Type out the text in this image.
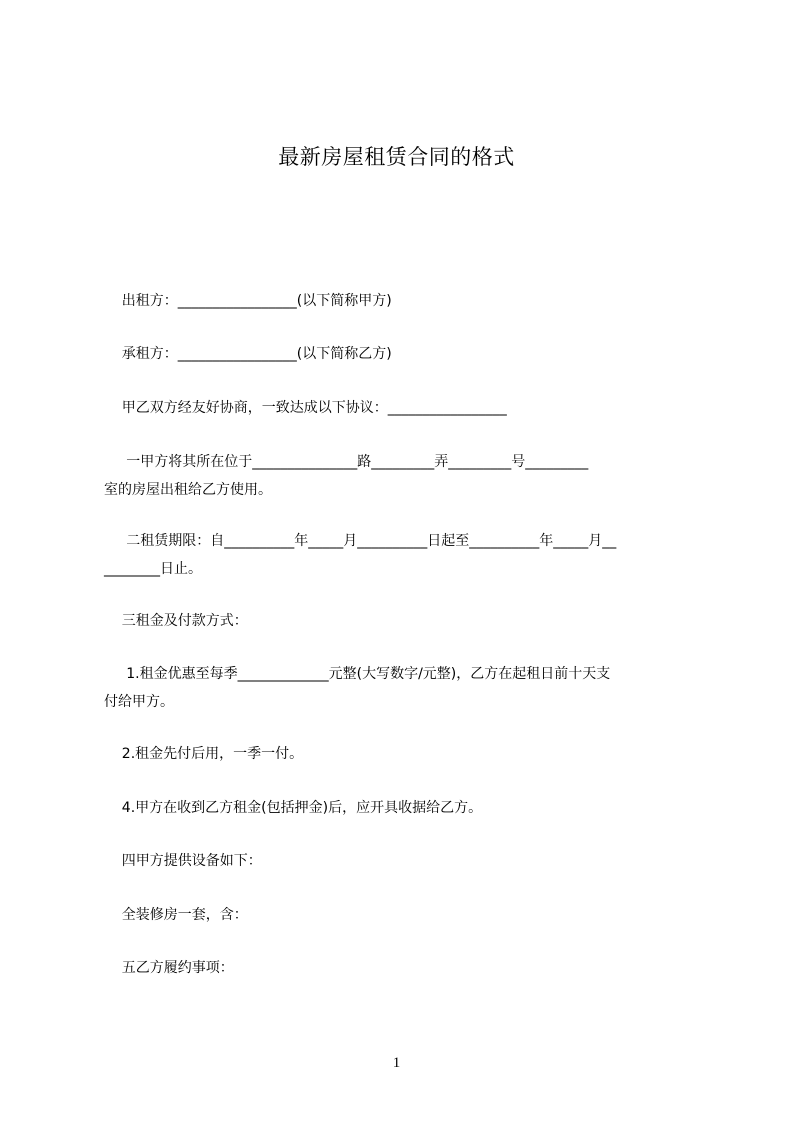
最新房屋租赁合同的格式
出租方：_________________(以下简称甲方)
承租方：_________________(以下简称乙方)
甲乙双方经友好协商，一致达成以下协议：_________________
一甲方将其所在位于_______________路_________弄_________号_________
室的房屋出租给乙方使用。
二租赁期限：自__________年_____月__________日起至__________年_____月__
________日止。
三租金及付款方式：
1.租金优惠至每季_____________元整(大写数字/元整)，乙方在起租日前十天支
付给甲方。
2.租金先付后用，一季一付。
4.甲方在收到乙方租金(包括押金)后，应开具收据给乙方。
四甲方提供设备如下：
全装修房一套，含：
五乙方履约事项：
1
